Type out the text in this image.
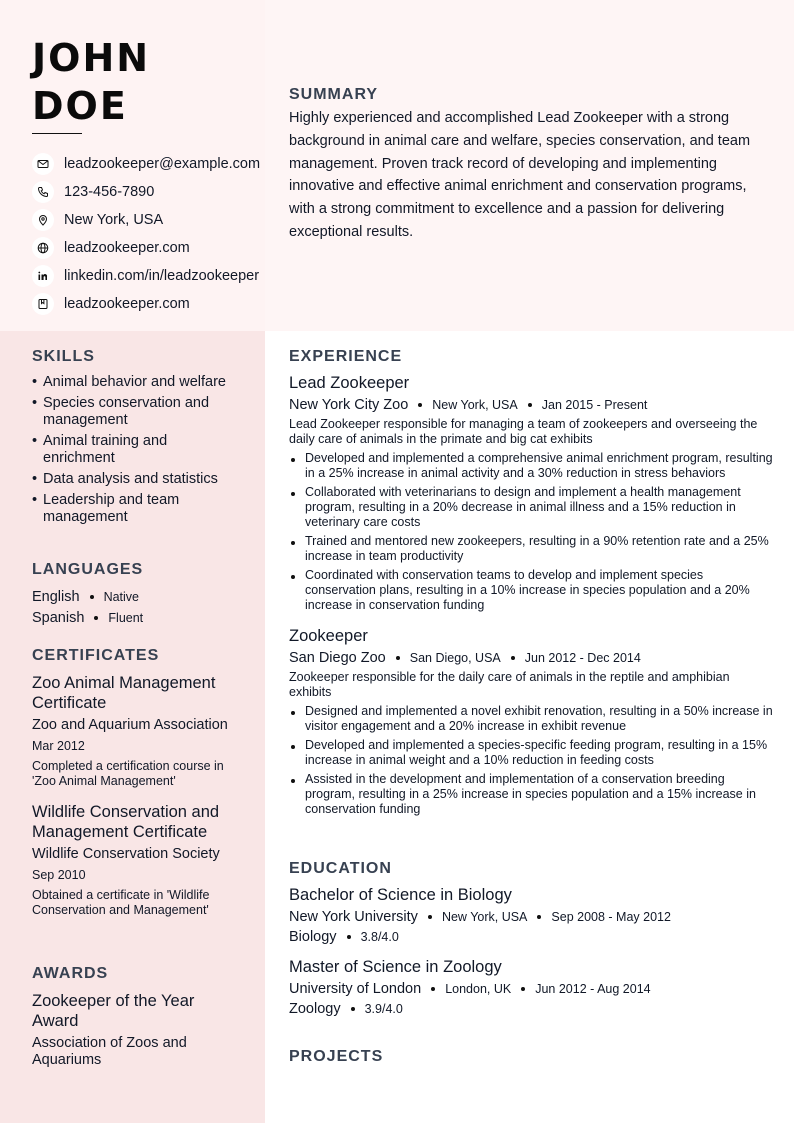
JOHN
DOE
leadzookeeper@example.com
123-456-7890
New York, USA
leadzookeeper.com
linkedin.com/in/leadzookeeper
leadzookeeper.com
SUMMARY

Highly experienced and accomplished Lead Zookeeper with a strong background in animal care and welfare, species conservation, and team management. Proven track record of developing and implementing innovative and effective animal enrichment and conservation programs, with a strong commitment to excellence and a passion for delivering exceptional results.

SKILLS
• Animal behavior and welfare
• Species conservation and management
• Animal training and enrichment
• Data analysis and statistics
• Leadership and team management
LANGUAGES
English Native
Spanish Fluent
CERTIFICATES
Zoo Animal Management Certificate
Zoo and Aquarium Association
Mar 2012
Completed a certification course in 'Zoo Animal Management'
Wildlife Conservation and Management Certificate
Wildlife Conservation Society
Sep 2010
Obtained a certificate in 'Wildlife Conservation and Management'
AWARDS
Zookeeper of the Year Award
Association of Zoos and Aquariums
EXPERIENCE
Lead Zookeeper
New York City Zoo New York, USA Jan 2015 - Present
Lead Zookeeper responsible for managing a team of zookeepers and overseeing the daily care of animals in the primate and big cat exhibits
Developed and implemented a comprehensive animal enrichment program, resulting in a 25% increase in animal activity and a 30% reduction in stress behaviors
Collaborated with veterinarians to design and implement a health management program, resulting in a 20% decrease in animal illness and a 15% reduction in veterinary care costs
Trained and mentored new zookeepers, resulting in a 90% retention rate and a 25% increase in team productivity
Coordinated with conservation teams to develop and implement species conservation plans, resulting in a 10% increase in species population and a 20% increase in conservation funding
Zookeeper
San Diego Zoo San Diego, USA Jun 2012 - Dec 2014
Zookeeper responsible for the daily care of animals in the reptile and amphibian exhibits
Designed and implemented a novel exhibit renovation, resulting in a 50% increase in visitor engagement and a 20% increase in exhibit revenue
Developed and implemented a species-specific feeding program, resulting in a 15% increase in animal weight and a 10% reduction in feeding costs
Assisted in the development and implementation of a conservation breeding program, resulting in a 25% increase in species population and a 15% increase in conservation funding
EDUCATION
Bachelor of Science in Biology
New York University New York, USA Sep 2008 - May 2012
Biology 3.8/4.0
Master of Science in Zoology
University of London London, UK Jun 2012 - Aug 2014
Zoology 3.9/4.0
PROJECTS
